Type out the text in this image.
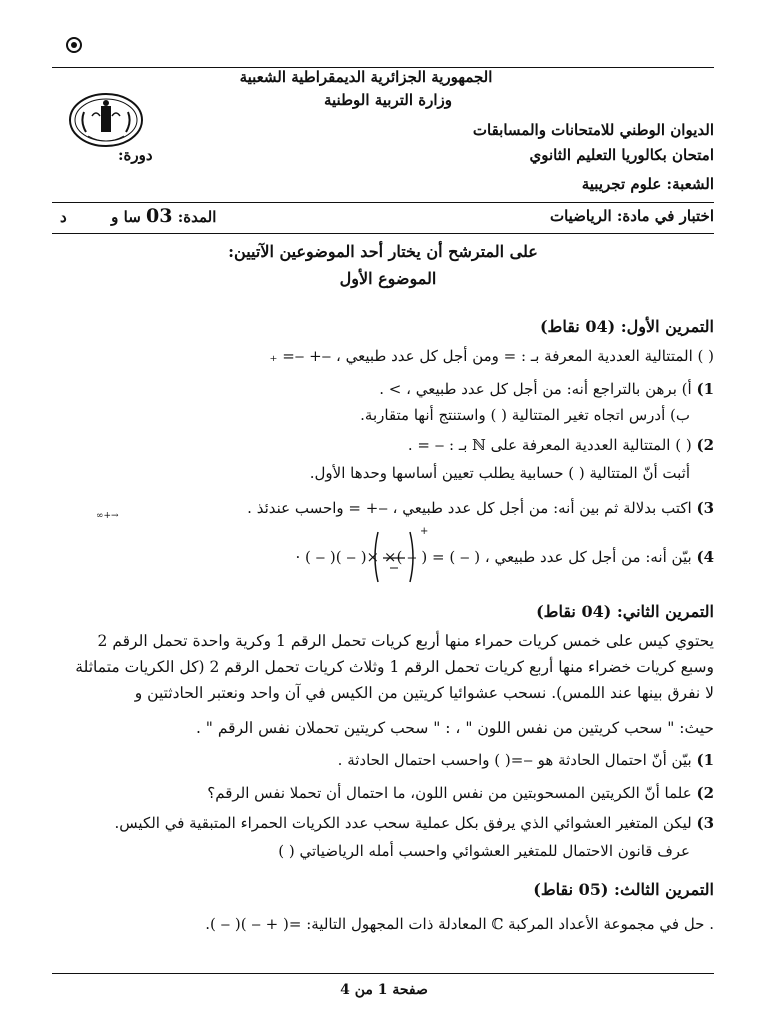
الجمهورية الجزائرية الديمقراطية الشعبية
وزارة التربية الوطنية
الديوان الوطني للامتحانات والمسابقات
امتحان بكالوريا التعليم الثانوي
دورة:
الشعبة: علوم تجريبية
اختبار في مادة: الرياضيات
المدة: 03 سا و  د
على المترشح أن يختار أحد الموضوعين الآتيين:
الموضوع الأول
التمرين الأول: (04 نقاط)
( ) المتتالية العددية المعرفة بـ : = ومن أجل كل عدد طبيعي ، ‒+ ‒= ₊
1) أ) برهن بالتراجع أنه: من أجل كل عدد طبيعي ، > .
ب) أدرس اتجاه تغير المتتالية ( ) واستنتج أنها متقاربة.
2) ( ) المتتالية العددية المعرفة على ℕ بـ : ‒ = .
أثبت أنّ المتتالية ( ) حسابية يطلب تعيين أساسها وحدها الأول.
3) اكتب بدلالة ثم بين أنه: من أجل كل عدد طبيعي ، ‒+ = واحسب عندئذ .
→+∞
4) بيّن أنه: من أجل كل عدد طبيعي ، ( ‒ ) = ( ‒ )× ×( ‒ )( ‒ ) ·
+
التمرين الثاني: (04 نقاط)
يحتوي كيس على خمس كريات حمراء منها أربع كريات تحمل الرقم 1 وكرية واحدة تحمل الرقم 2
وسبع كريات خضراء منها أربع كريات تحمل الرقم 1 وثلاث كريات تحمل الرقم 2 (كل الكريات متماثلة
لا نفرق بينها عند اللمس). نسحب عشوائيا كريتين من الكيس في آن واحد ونعتبر الحادثتين و
حيث: " سحب كريتين من نفس اللون " ، : " سحب كريتين تحملان نفس الرقم " .
1) بيّن أنّ احتمال الحادثة هو ‒=( ) واحسب احتمال الحادثة .
2) علما أنّ الكريتين المسحوبتين من نفس اللون، ما احتمال أن تحملا نفس الرقم؟
3) ليكن المتغير العشوائي الذي يرفق بكل عملية سحب عدد الكريات الحمراء المتبقية في الكيس.
عرف قانون الاحتمال للمتغير العشوائي واحسب أمله الرياضياتي ( )
التمرين الثالث: (05 نقاط)
. حل في مجموعة الأعداد المركبة ℂ المعادلة ذات المجهول التالية: =( + ‒ )( ‒ ).
صفحة 1 من 4
